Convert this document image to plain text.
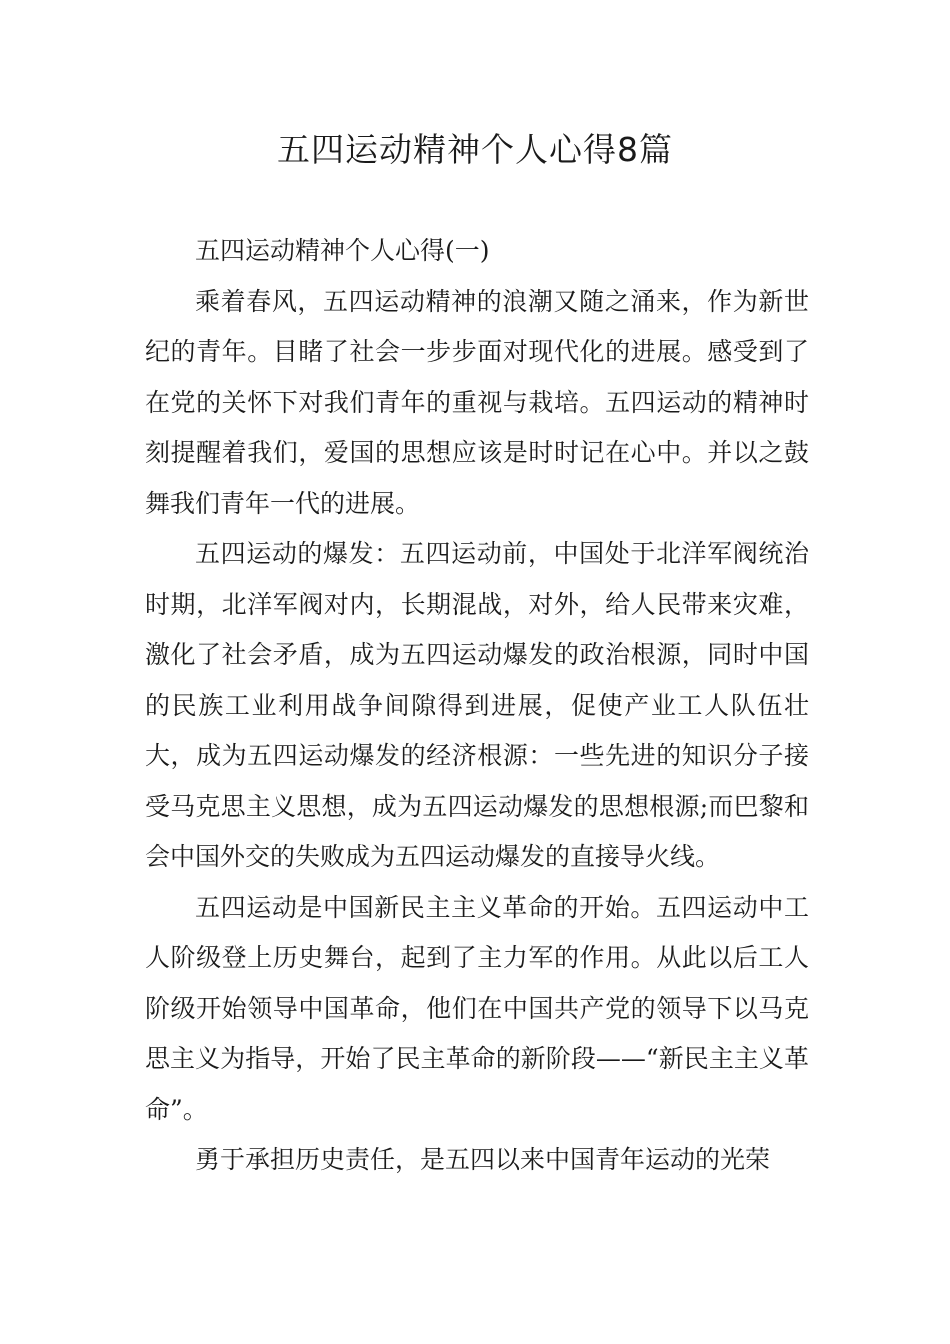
五四运动精神个人心得8篇

五四运动精神个人心得(一)

乘着春风，五四运动精神的浪潮又随之涌来，作为新世纪的青年。目睹了社会一步步面对现代化的进展。感受到了在党的关怀下对我们青年的重视与栽培。五四运动的精神时刻提醒着我们，爱国的思想应该是时时记在心中。并以之鼓舞我们青年一代的进展。

五四运动的爆发：五四运动前，中国处于北洋军阀统治时期，北洋军阀对内，长期混战，对外，给人民带来灾难，激化了社会矛盾，成为五四运动爆发的政治根源，同时中国的民族工业利用战争间隙得到进展，促使产业工人队伍壮大，成为五四运动爆发的经济根源：一些先进的知识分子接受马克思主义思想，成为五四运动爆发的思想根源;而巴黎和会中国外交的失败成为五四运动爆发的直接导火线。

五四运动是中国新民主主义革命的开始。五四运动中工人阶级登上历史舞台，起到了主力军的作用。从此以后工人阶级开始领导中国革命，他们在中国共产党的领导下以马克思主义为指导，开始了民主革命的新阶段——“新民主主义革命”。

勇于承担历史责任，是五四以来中国青年运动的光荣
